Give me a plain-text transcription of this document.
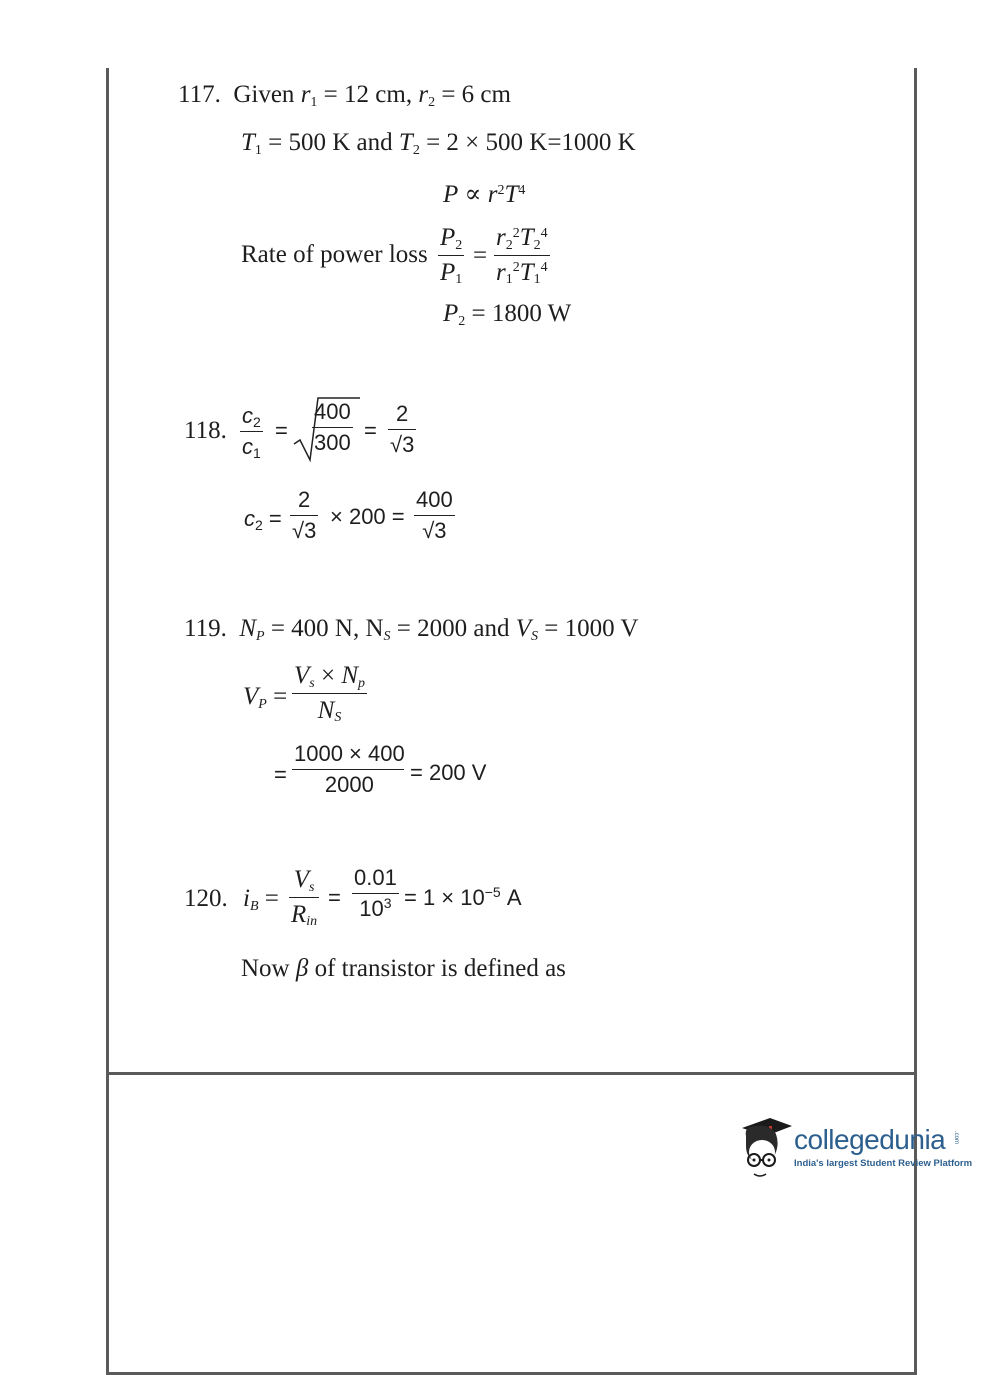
117. Given $r_1 = 12$ cm, $r_2 = 6$ cm
$T_1 = 500$ K and $T_2 = 2 \times 500$ K=1000 K
$P \propto r^2T^4$
Rate of power loss
$P_2$
$P_1$
=
$r_2^2T_2^4$
$r_1^2T_1^4$
$P_2 = 1800$ W
118.
$c_2$
$c_1$
=
400
300 =
2
√3
$c_2$ =
2
√3
× 200 =
400
√3
119. $N_P = 400$ N, $N_S = 2000$ and $V_S = 1000$ V
$V_P$ =
$V_s \times N_p$
$N_S$
=
1000 × 400
2000 = 200 V
120. $i_B$ =
$V_s$
$R_{in}$
=
0.01
$10^3 = 1 \times 10^{-5}$ A
Now β of transistor is defined as
collegedunia .com
India's largest Student Review Platform
